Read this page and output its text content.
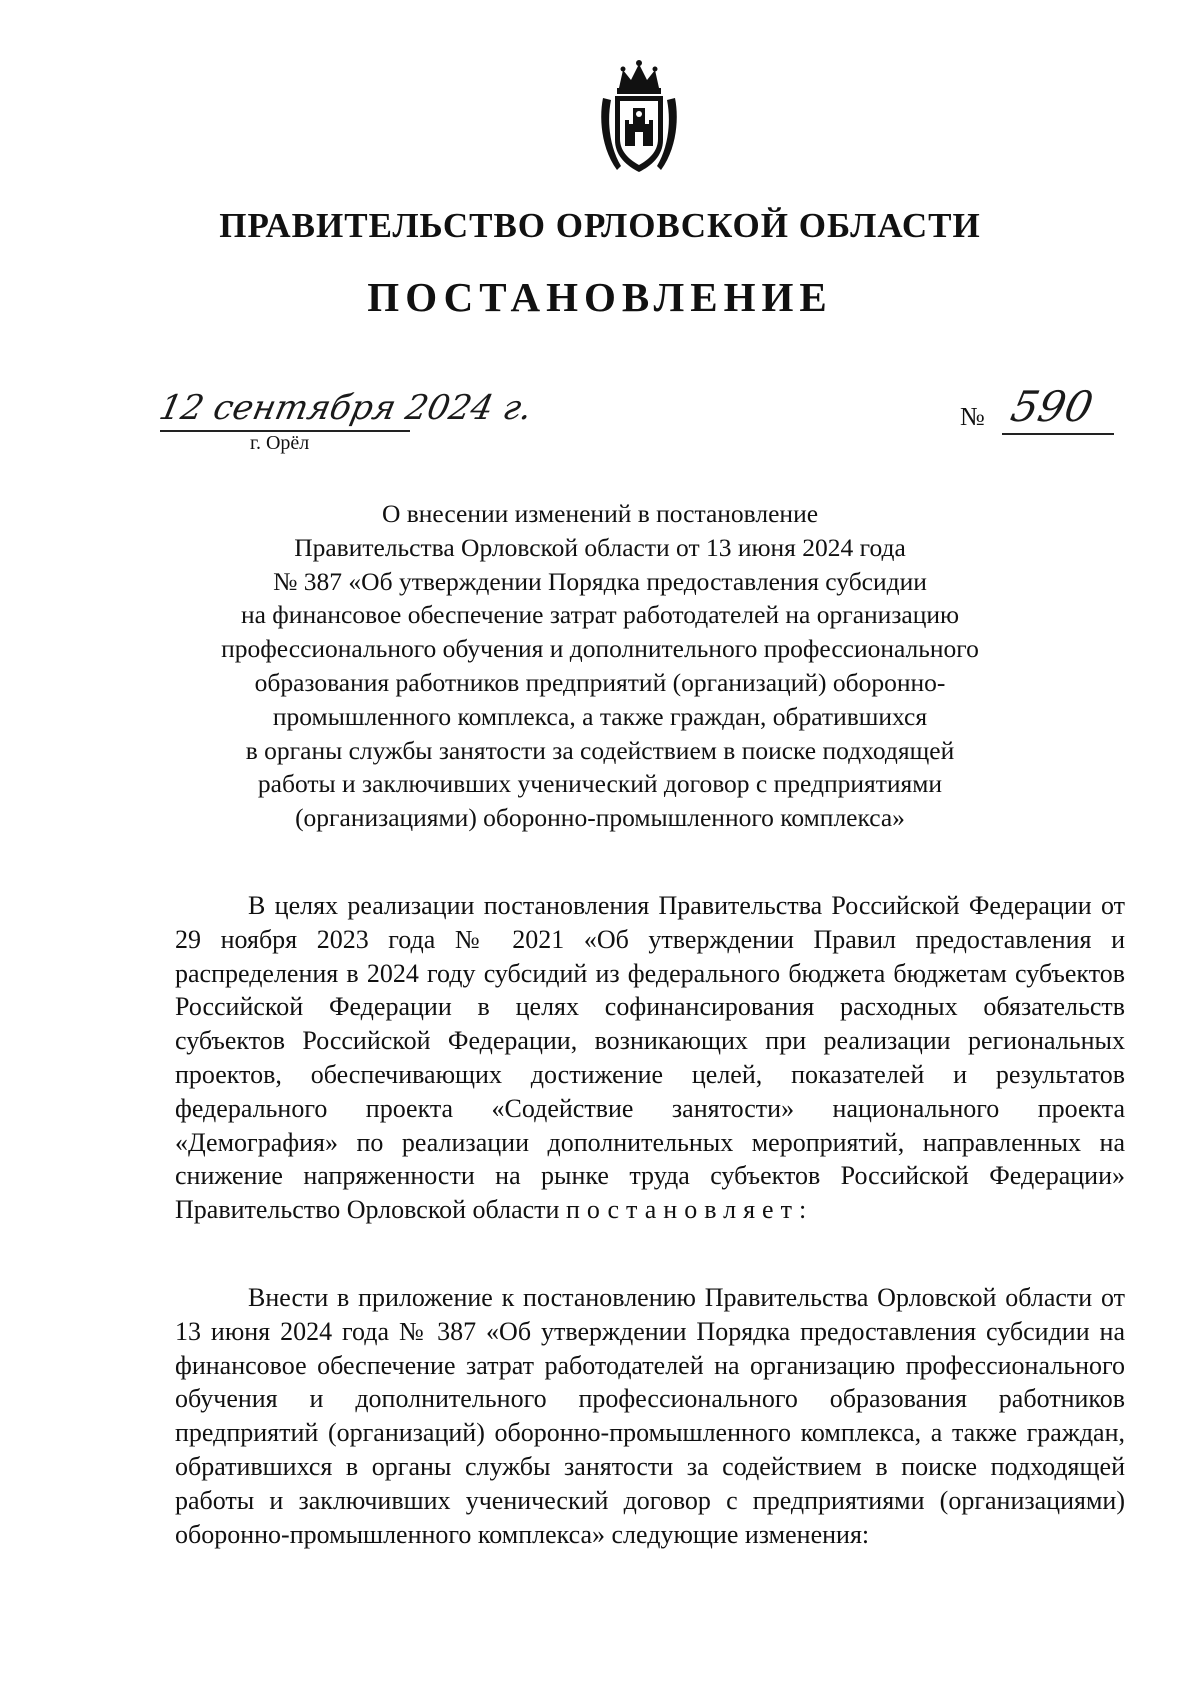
ПРАВИТЕЛЬСТВО ОРЛОВСКОЙ ОБЛАСТИ
ПОСТАНОВЛЕНИЕ
12 сентября 2024 г.
г. Орёл
№ 590
О внесении изменений в постановление
Правительства Орловской области от 13 июня 2024 года
№ 387 «Об утверждении Порядка предоставления субсидии
на финансовое обеспечение затрат работодателей на организацию
профессионального обучения и дополнительного профессионального
образования работников предприятий (организаций) оборонно-
промышленного комплекса, а также граждан, обратившихся
в органы службы занятости за содействием в поиске подходящей
работы и заключивших ученический договор с предприятиями
(организациями) оборонно-промышленного комплекса»

В целях реализации постановления Правительства Российской Федерации от 29 ноября 2023 года № 2021 «Об утверждении Правил предоставления и распределения в 2024 году субсидий из федерального бюджета бюджетам субъектов Российской Федерации в целях софинансирования расходных обязательств субъектов Российской Федерации, возникающих при реализации региональных проектов, обеспечивающих достижение целей, показателей и результатов федерального проекта «Содействие занятости» национального проекта «Демография» по реализации дополнительных мероприятий, направленных на снижение напряженности на рынке труда субъектов Российской Федерации» Правительство Орловской области постановляет:

Внести в приложение к постановлению Правительства Орловской области от 13 июня 2024 года № 387 «Об утверждении Порядка предоставления субсидии на финансовое обеспечение затрат работодателей на организацию профессионального обучения и дополнительного профессионального образования работников предприятий (организаций) оборонно-промышленного комплекса, а также граждан, обратившихся в органы службы занятости за содействием в поиске подходящей работы и заключивших ученический договор с предприятиями (организациями) оборонно-промышленного комплекса» следующие изменения:
